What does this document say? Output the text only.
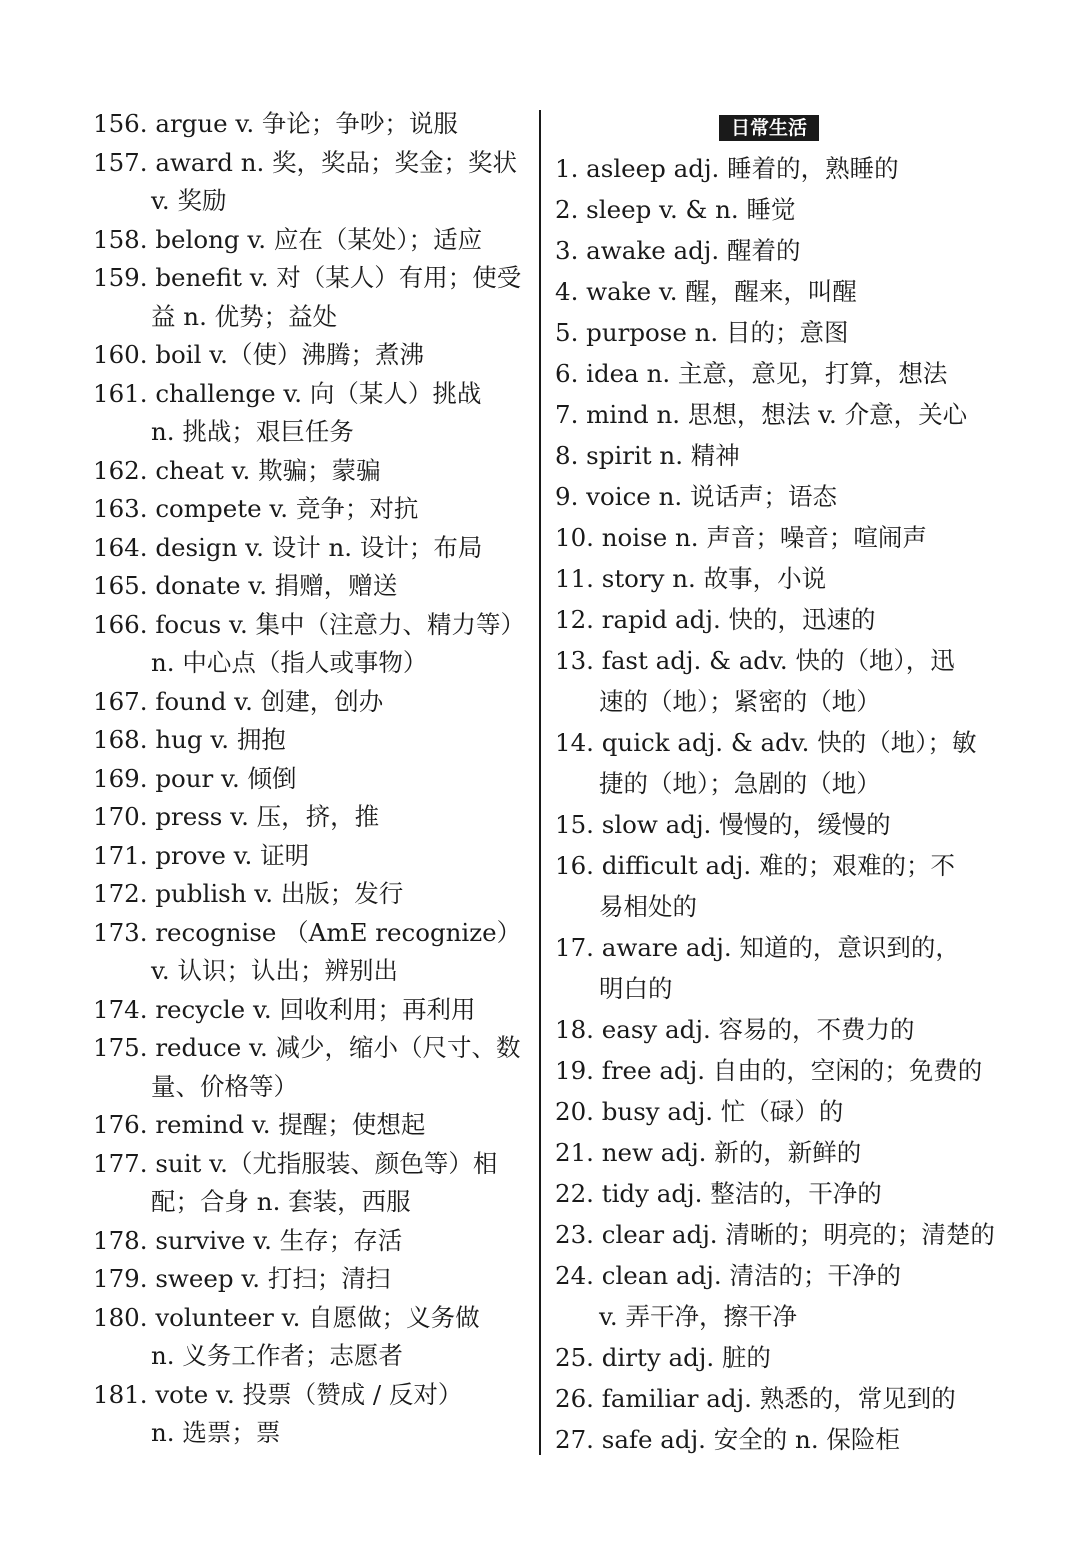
日常生活
156. argue v. 争论；争吵；说服
157. award n. 奖，奖品；奖金；奖状
v. 奖励
158. belong v. 应在（某处）；适应
159. benefit v. 对（某人）有用；使受
益 n. 优势；益处
160. boil v.（使）沸腾；煮沸
161. challenge v. 向（某人）挑战
n. 挑战；艰巨任务
162. cheat v. 欺骗；蒙骗
163. compete v. 竞争；对抗
164. design v. 设计 n. 设计；布局
165. donate v. 捐赠，赠送
166. focus v. 集中（注意力、精力等）
n. 中心点（指人或事物）
167. found v. 创建，创办
168. hug v. 拥抱
169. pour v. 倾倒
170. press v. 压，挤，推
171. prove v. 证明
172. publish v. 出版；发行
173. recognise （AmE recognize）
v. 认识；认出；辨别出
174. recycle v. 回收利用；再利用
175. reduce v. 减少，缩小（尺寸、数
量、价格等）
176. remind v. 提醒；使想起
177. suit v.（尤指服装、颜色等）相
配；合身 n. 套装，西服
178. survive v. 生存；存活
179. sweep v. 打扫；清扫
180. volunteer v. 自愿做；义务做
n. 义务工作者；志愿者
181. vote v. 投票（赞成 / 反对）
n. 选票；票
1. asleep adj. 睡着的，熟睡的
2. sleep v. & n. 睡觉
3. awake adj. 醒着的
4. wake v. 醒，醒来，叫醒
5. purpose n. 目的；意图
6. idea n. 主意，意见，打算，想法
7. mind n. 思想，想法 v. 介意，关心
8. spirit n. 精神
9. voice n. 说话声；语态
10. noise n. 声音；噪音；喧闹声
11. story n. 故事，小说
12. rapid adj. 快的，迅速的
13. fast adj. & adv. 快的（地），迅
速的（地）；紧密的（地）
14. quick adj. & adv. 快的（地）；敏
捷的（地）；急剧的（地）
15. slow adj. 慢慢的，缓慢的
16. difficult adj. 难的；艰难的；不
易相处的
17. aware adj. 知道的，意识到的，
明白的
18. easy adj. 容易的，不费力的
19. free adj. 自由的，空闲的；免费的
20. busy adj. 忙（碌）的
21. new adj. 新的，新鲜的
22. tidy adj. 整洁的，干净的
23. clear adj. 清晰的；明亮的；清楚的
24. clean adj. 清洁的；干净的
v. 弄干净，擦干净
25. dirty adj. 脏的
26. familiar adj. 熟悉的，常见到的
27. safe adj. 安全的 n. 保险柜
